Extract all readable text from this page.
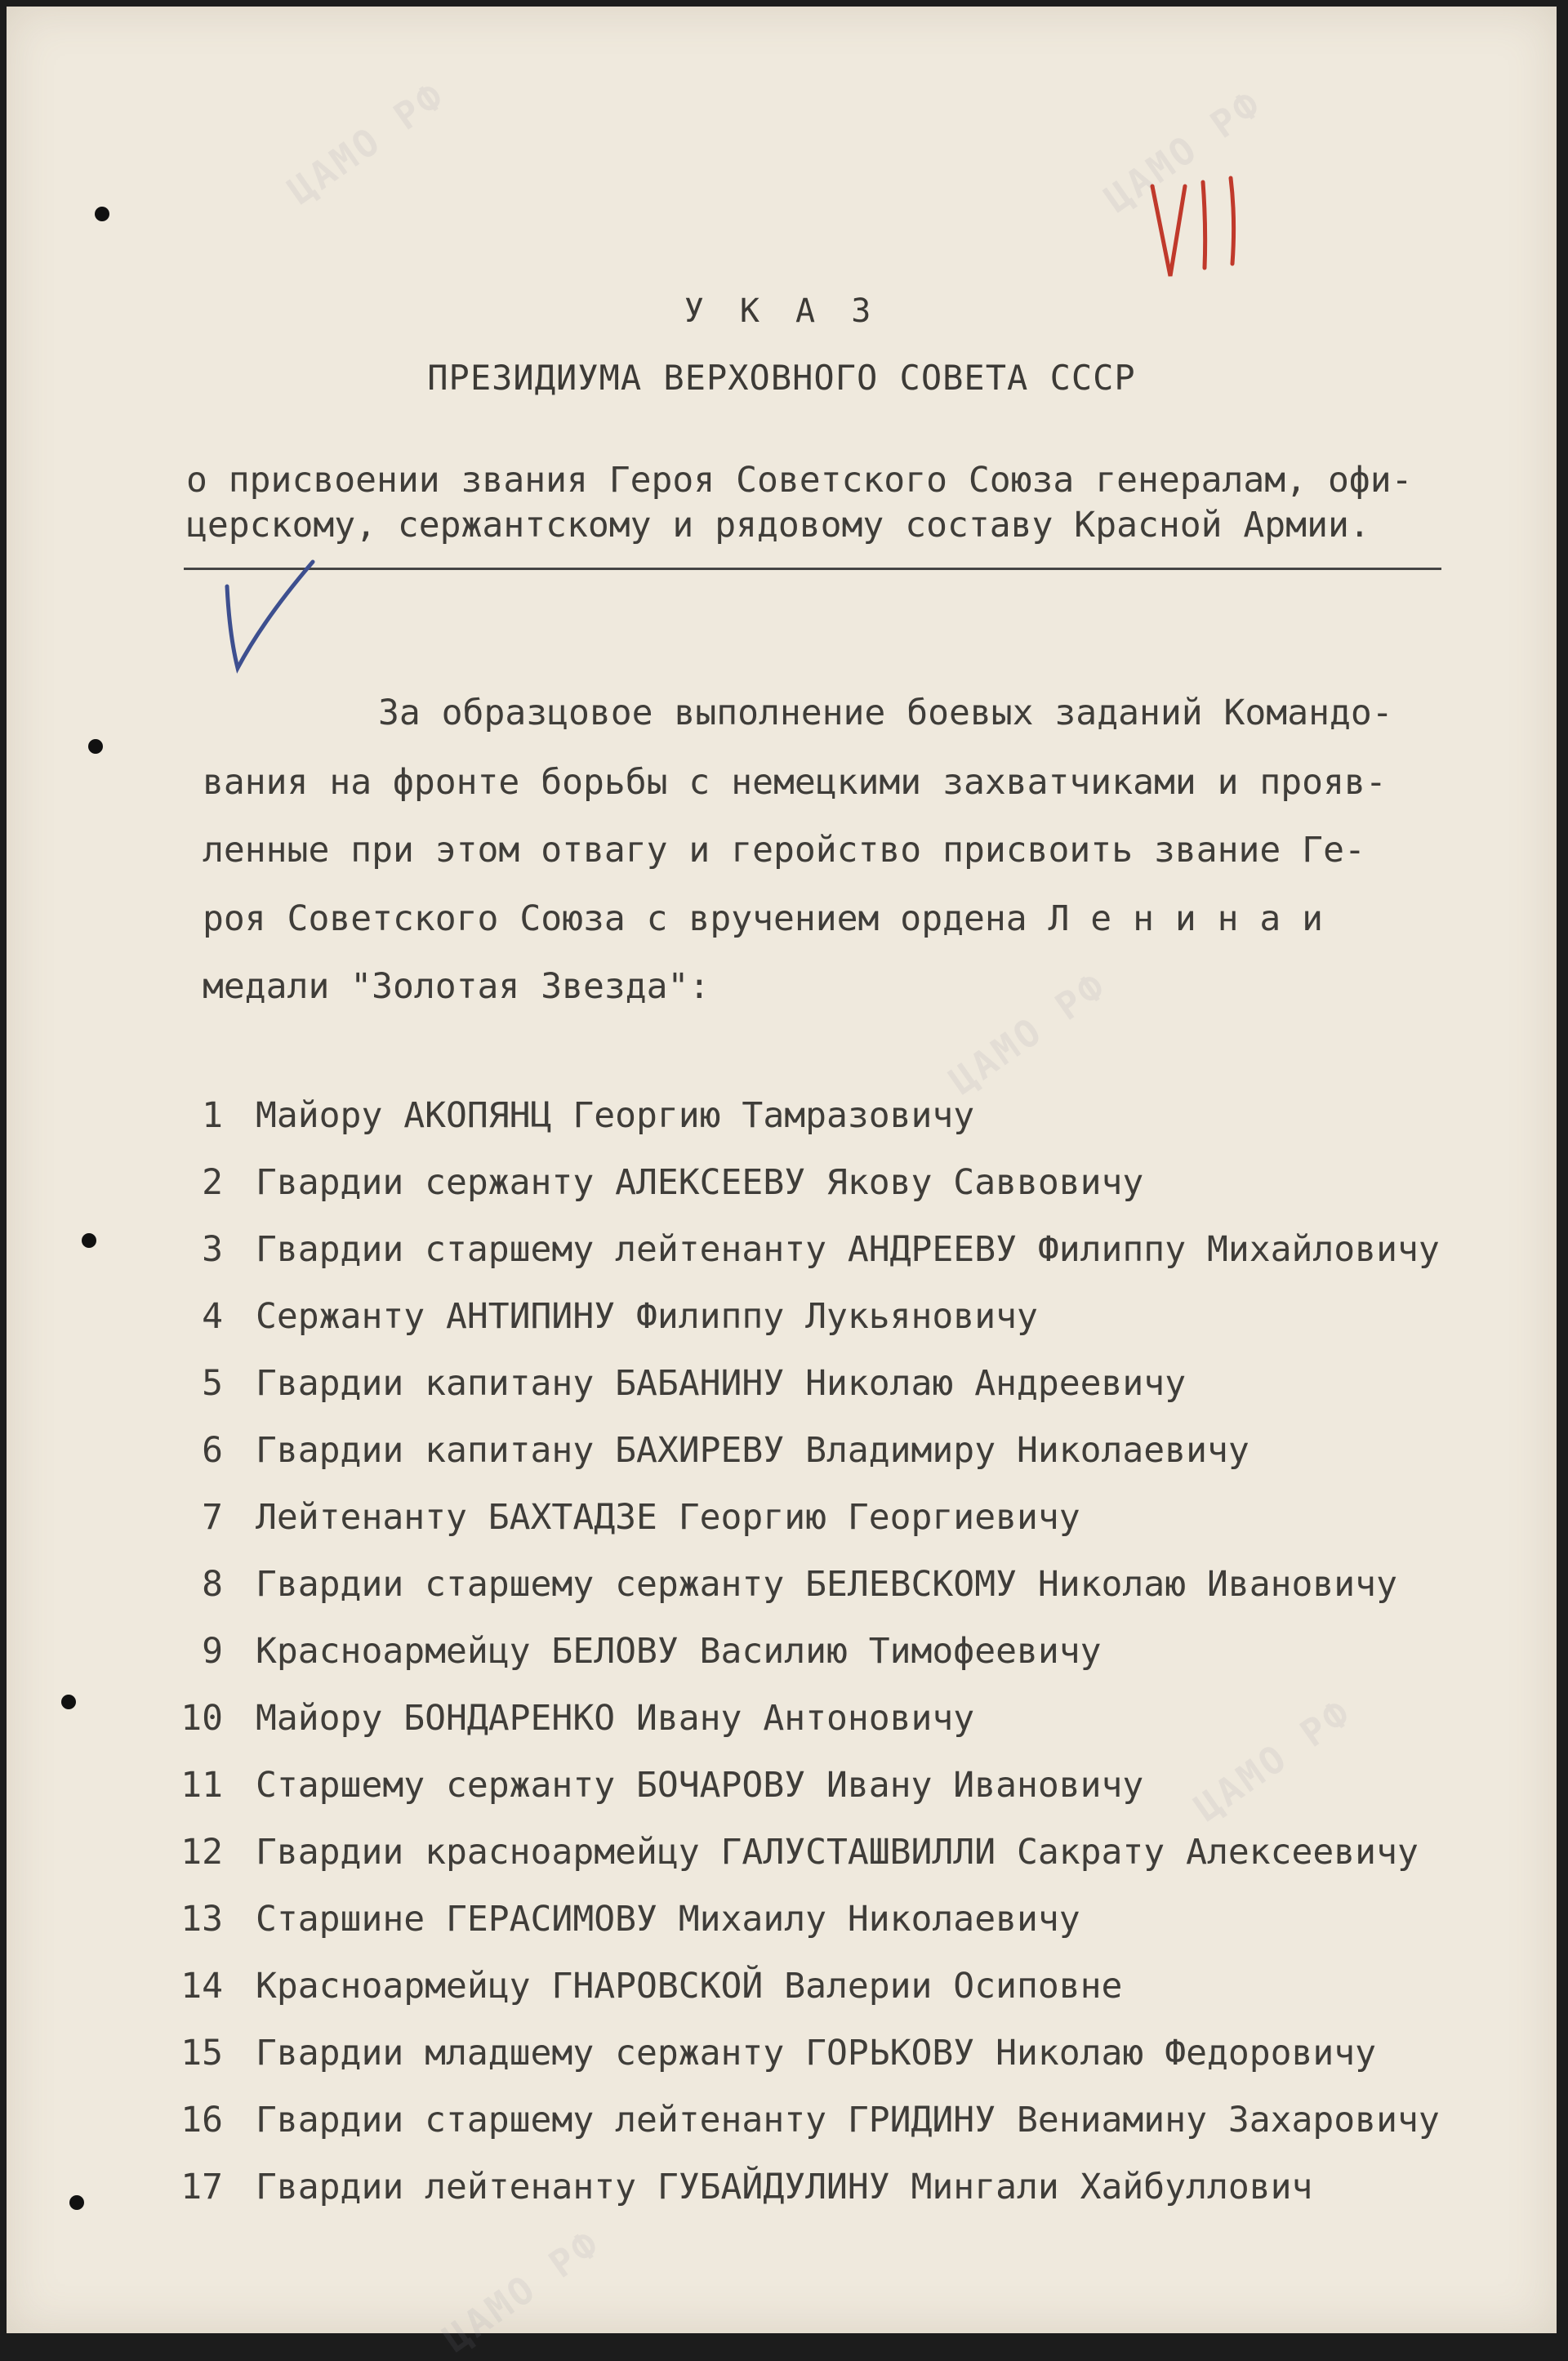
ЦАМО РФ	ЦАМО РФ
ЦАМО РФ
ЦАМО РФ
ЦАМО РФ
У К А З
ПРЕЗИДИУМА ВЕРХОВНОГО СОВЕТА СССР
о присвоении звания Героя Советского Союза генералам, офи-
церскому, сержантскому и рядовому составу Красной Армии.
За образцовое выполнение боевых заданий Командо-
вания на фронте борьбы с немецкими захватчиками и прояв-
ленные при этом отвагу и геройство присвоить звание Ге-
роя Советского Союза с вручением ордена Л е н и н а и
медали "Золотая Звезда":
1 Майору АКОПЯНЦ Георгию Тамразовичу
2 Гвардии сержанту АЛЕКСЕЕВУ Якову Саввовичу
3 Гвардии старшему лейтенанту АНДРЕЕВУ Филиппу Михайловичу
4 Сержанту АНТИПИНУ Филиппу Лукьяновичу
5 Гвардии капитану БАБАНИНУ Николаю Андреевичу
6 Гвардии капитану БАХИРЕВУ Владимиру Николаевичу
7 Лейтенанту БАХТАДЗЕ Георгию Георгиевичу
8 Гвардии старшему сержанту БЕЛЕВСКОМУ Николаю Ивановичу
9 Красноармейцу БЕЛОВУ Василию Тимофеевичу
10 Майору БОНДАРЕНКО Ивану Антоновичу
11 Старшему сержанту БОЧАРОВУ Ивану Ивановичу
12 Гвардии красноармейцу ГАЛУСТАШВИЛЛИ Сакрату Алексеевичу
13 Старшине ГЕРАСИМОВУ Михаилу Николаевичу
14 Красноармейцу ГНАРОВСКОЙ Валерии Осиповне
15 Гвардии младшему сержанту ГОРЬКОВУ Николаю Федоровичу
16 Гвардии старшему лейтенанту ГРИДИНУ Вениамину Захаровичу
17 Гвардии лейтенанту ГУБАЙДУЛИНУ Мингали Хайбуллович
